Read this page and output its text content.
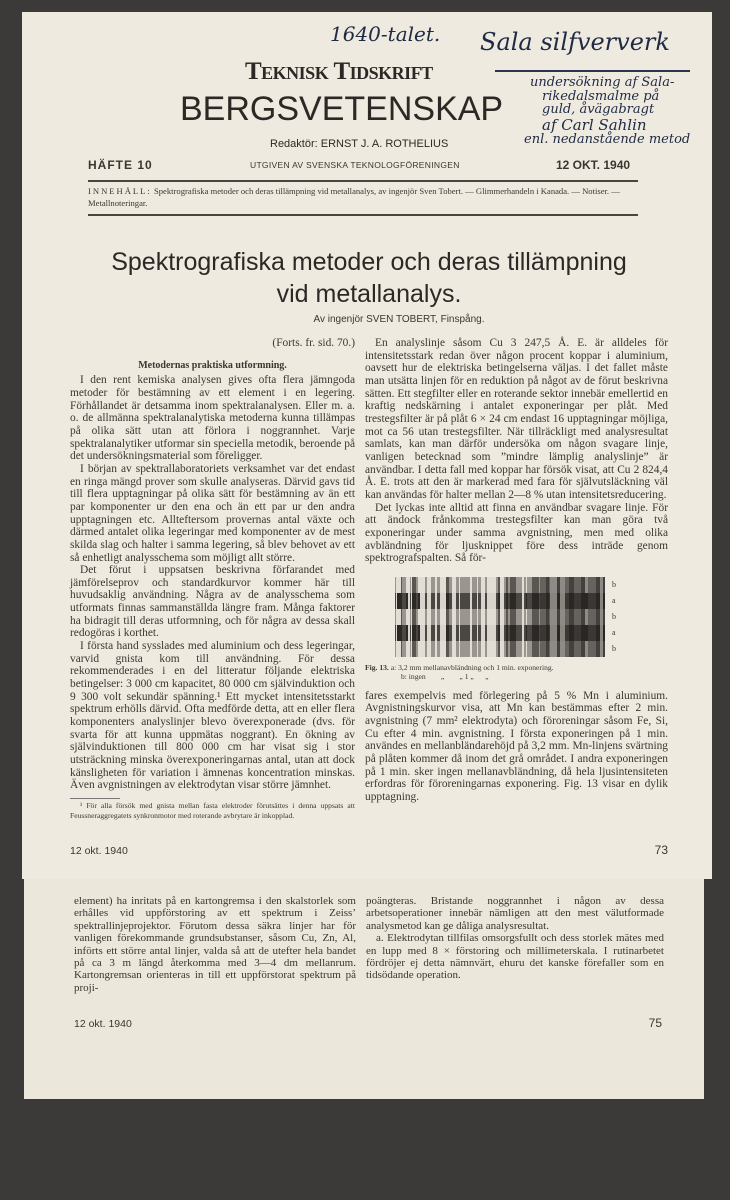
1640-talet. Sala silfververk
undersökning af Sala-
rikedalsmalme på
guld, åvägabragt
af Carl Sahlin
enl. nedanstående metod
Teknisk Tidskrift
BERGSVETENSKAP
Redaktör: ERNST J. A. ROTHELIUS
HÄFTE 10	UTGIVEN AV SVENSKA TEKNOLOGFÖRENINGEN	12 OKT. 1940
INNEHÅLL: Spektrografiska metoder och deras tillämpning vid metallanalys, av ingenjör Sven Tobert. — Glimmerhandeln i Kanada. — Notiser. — Metallnoteringar.
Spektrografiska metoder och deras tillämpning
vid metallanalys.
Av ingenjör SVEN TOBERT, Finspång.
(Forts. fr. sid. 70.)
Metodernas praktiska utformning.

I den rent kemiska analysen gives ofta flera jämngoda metoder för bestämning av ett element i en legering. Förhållandet är detsamma inom spektralanalysen. Eller m. a. o. de allmänna spektralanalytiska metoderna kunna tillämpas på olika sätt utan att förlora i noggrannhet. Varje spektralanalytiker utformar sin speciella metodik, beroende på det undersökningsmaterial som föreligger.

I början av spektrallaboratoriets verksamhet var det endast en ringa mängd prover som skulle analyseras. Därvid gavs tid till flera upptagningar på olika sätt för bestämning av än ett par komponenter ur den ena och än ett par ur den andra upptagningen etc. Allteftersom provernas antal växte och därmed antalet olika legeringar med komponenter av de mest skilda slag och halter i samma legering, så blev behovet av ett så enhetligt analysschema som möjligt allt större.

Det förut i uppsatsen beskrivna förfarandet med jämförelseprov och standardkurvor kommer här till huvudsaklig användning. Några av de analysschema som utformats finnas sammanställda längre fram. Många faktorer ha bidragit till deras utformning, och för några av dessa skall redogöras i korthet.

I första hand sysslades med aluminium och dess legeringar, varvid gnista kom till användning. För dessa rekommenderades i en del litteratur följande elektriska betingelser: 3 000 cm kapacitet, 80 000 cm självinduktion och 9 300 volt sekundär spänning.¹ Ett mycket intensitetsstarkt spektrum erhölls därvid. Ofta medförde detta, att en eller flera komponenters analyslinjer blevo överexponerade (dvs. för svarta för att kunna uppmätas noggrant). En ökning av självinduktionen till 800 000 cm har visat sig i stor utsträckning minska överexponeringarnas antal, utan att dock känsligheten för variation i ämnenas koncentration minskas. Även avgnistningen av elektrodytan visar större jämnhet.

¹ För alla försök med gnista mellan fasta elektroder förutsättes i denna uppsats att Feussneraggregatets synkronmotor med roterande avbrytare är inkopplad.

En analyslinje såsom Cu 3 247,5 Å. E. är alldeles för intensitetsstark redan över någon procent koppar i aluminium, oavsett hur de elektriska betingelserna väljas. I det fallet måste man utsätta linjen för en reduktion på något av de förut beskrivna sätten. Ett stegfilter eller en roterande sektor innebär emellertid en kraftig nedskärning i antalet exponeringar per plåt. Med trestegsfilter är på plåt 6 × 24 cm endast 16 upptagningar möjliga, mot ca 56 utan trestegsfilter. När tillräckligt med analysresultat samlats, kan man därför undersöka om någon svagare linje, vanligen betecknad som ”mindre lämplig analyslinje” är användbar. I detta fall med koppar har försök visat, att Cu 2 824,4 Å. E. trots att den är markerad med fara för självutsläckning väl kan användas för halter mellan 2—8 % utan intensitetsreducering.

Det lyckas inte alltid att finna en användbar svagare linje. För att ändock frånkomma trestegsfilter kan man göra två exponeringar under samma avgnistning, men med olika avbländning för ljusknippet före dess inträde genom spektrografspalten. Så för-

b
a
b
a
b
Fig. 13. a: 3,2 mm mellanavbländning och 1 min. exponering.
b: ingen        „        „ 1 „      „

fares exempelvis med förlegering på 5 % Mn i aluminium. Avgnistningskurvor visa, att Mn kan bestämmas efter 2 min. avgnistning (7 mm² elektrodyta) och föroreningar såsom Fe, Si, Cu efter 4 min. avgnistning. I första exponeringen på 1 min. användes en mellanbländarehöjd på 3,2 mm. Mn-linjens svärtning på plåten kommer då inom det grå området. I andra exponeringen på 1 min. sker ingen mellanavbländning, då hela ljusintensiteten erfordras för föroreningarnas exponering. Fig. 13 visar en dylik upptagning.

12 okt. 1940	73

element) ha inritats på en kartongremsa i den skalstorlek som erhålles vid uppförstoring av ett spektrum i Zeiss’ spektrallinjeprojektor. Förutom dessa säkra linjer har för vanligen förekommande grundsubstanser, såsom Cu, Zn, Al, införts ett större antal linjer, valda så att de utefter hela bandet på ca 3 m längd återkomma med 3—4 dm mellanrum. Kartongremsan orienteras in till ett uppförstorat spektrum på proji-

poängteras. Bristande noggrannhet i någon av dessa arbetsoperationer innebär nämligen att den mest välutformade analysmetod kan ge dåliga analysresultat.

a. Elektrodytan tillfilas omsorgsfullt och dess storlek mätes med en lupp med 8 × förstoring och millimeterskala. I rutinarbetet fördröjer ej detta nämnvärt, ehuru det kanske förefaller som en tidsödande operation.

12 okt. 1940	75
